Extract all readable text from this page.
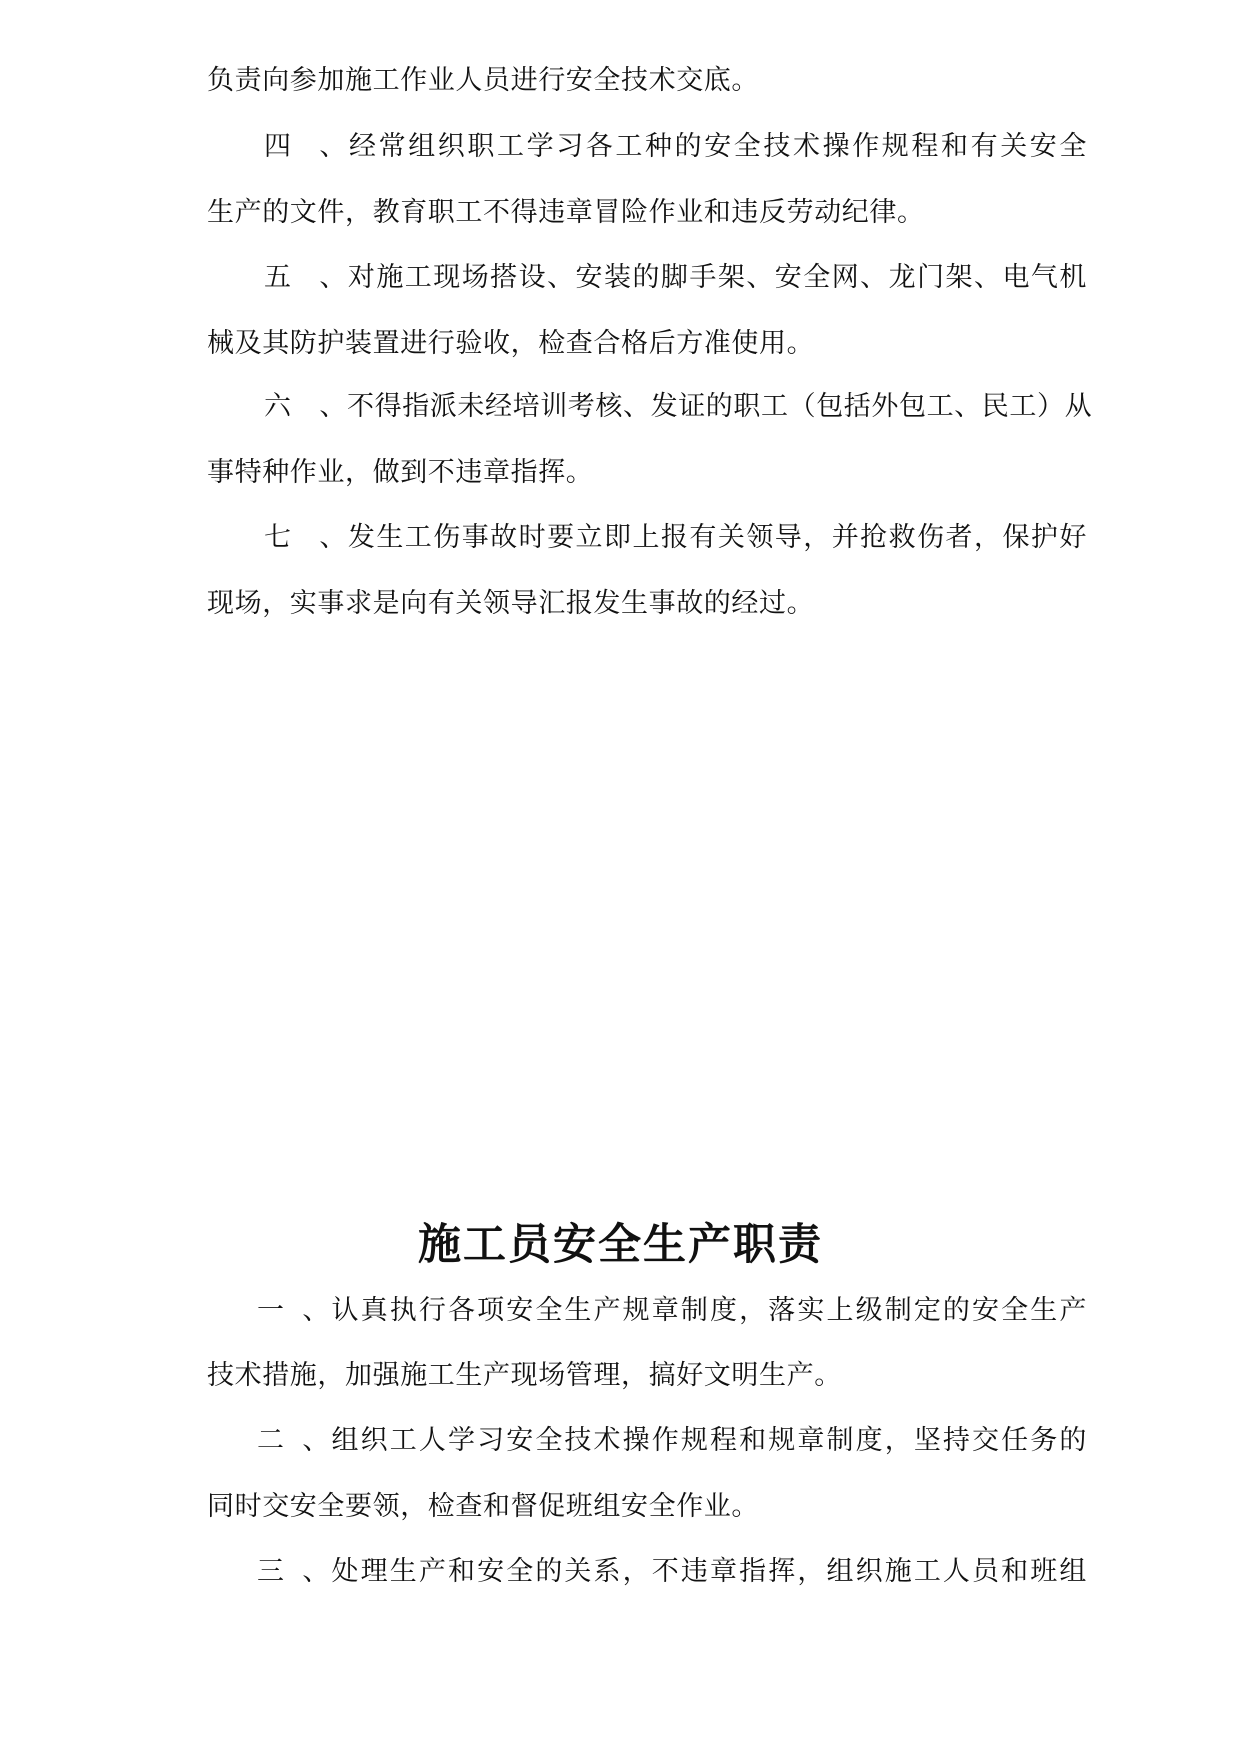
负责向参加施工作业人员进行安全技术交底。
四、经常组织职工学习各工种的安全技术操作规程和有关安全
生产的文件，教育职工不得违章冒险作业和违反劳动纪律。
五、对施工现场搭设、安装的脚手架、安全网、龙门架、电气机
械及其防护装置进行验收，检查合格后方准使用。
六、不得指派未经培训考核、发证的职工（包括外包工、民工）从
事特种作业，做到不违章指挥。
七、发生工伤事故时要立即上报有关领导，并抢救伤者，保护好
现场，实事求是向有关领导汇报发生事故的经过。
施工员安全生产职责
一、认真执行各项安全生产规章制度，落实上级制定的安全生产
技术措施，加强施工生产现场管理，搞好文明生产。
二、组织工人学习安全技术操作规程和规章制度，坚持交任务的
同时交安全要领，检查和督促班组安全作业。
三、处理生产和安全的关系，不违章指挥，组织施工人员和班组
